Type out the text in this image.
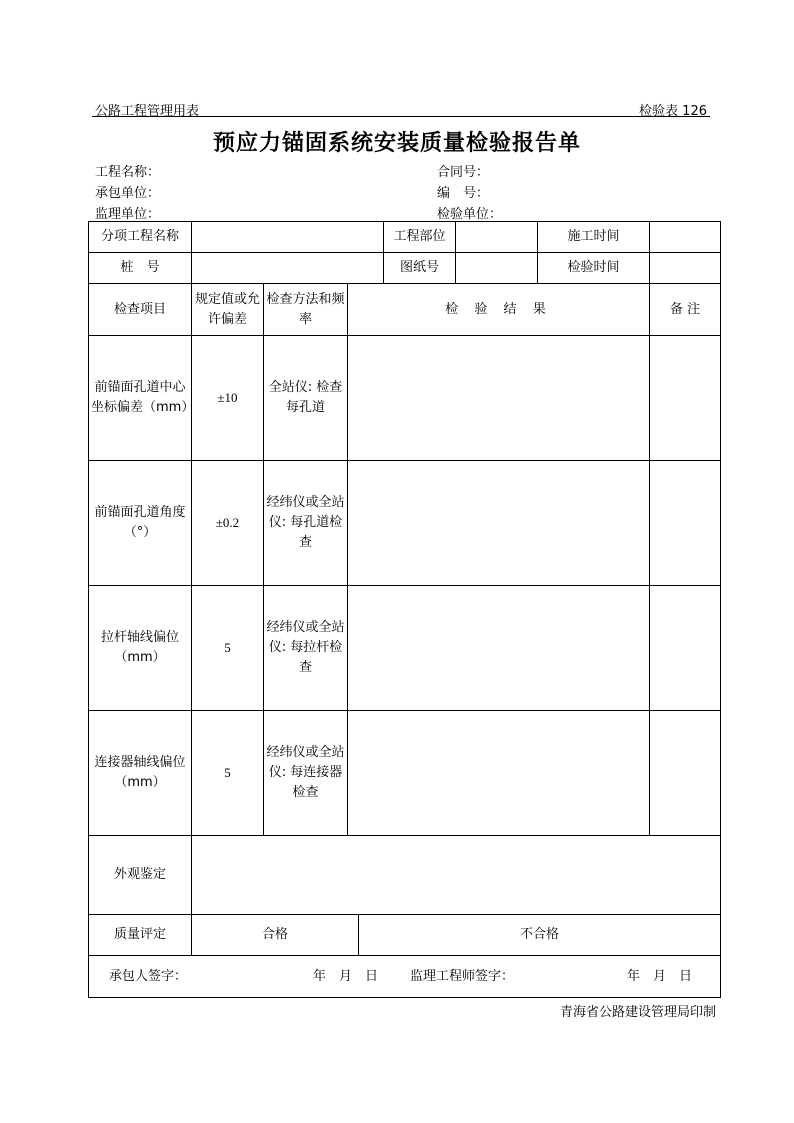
公路工程管理用表	检验表 126
预应力锚固系统安装质量检验报告单
工程名称：	合同号：
承包单位：	编　号：
监理单位：	检验单位：
分项工程名称					工程部位		施工时间	
桩　号					图纸号		检验时间	
检查项目	规定值或允许偏差	检查方法和频率	检 验 结 果					备 注
前锚面孔道中心坐标偏差（mm）	±10	全站仪: 检查每孔道						
前锚面孔道角度（°）	±0.2	经纬仪或全站仪: 每孔道检查						
拉杆轴线偏位（mm）	5	经纬仪或全站仪: 每拉杆检查						
连接器轴线偏位（mm）	5	经纬仪或全站仪: 每连接器检查						
外观鉴定								
质量评定	合格			不合格				

承包人签字： 年　月　日 监理工程师签字： 年　月　日								
青海省公路建设管理局印制
